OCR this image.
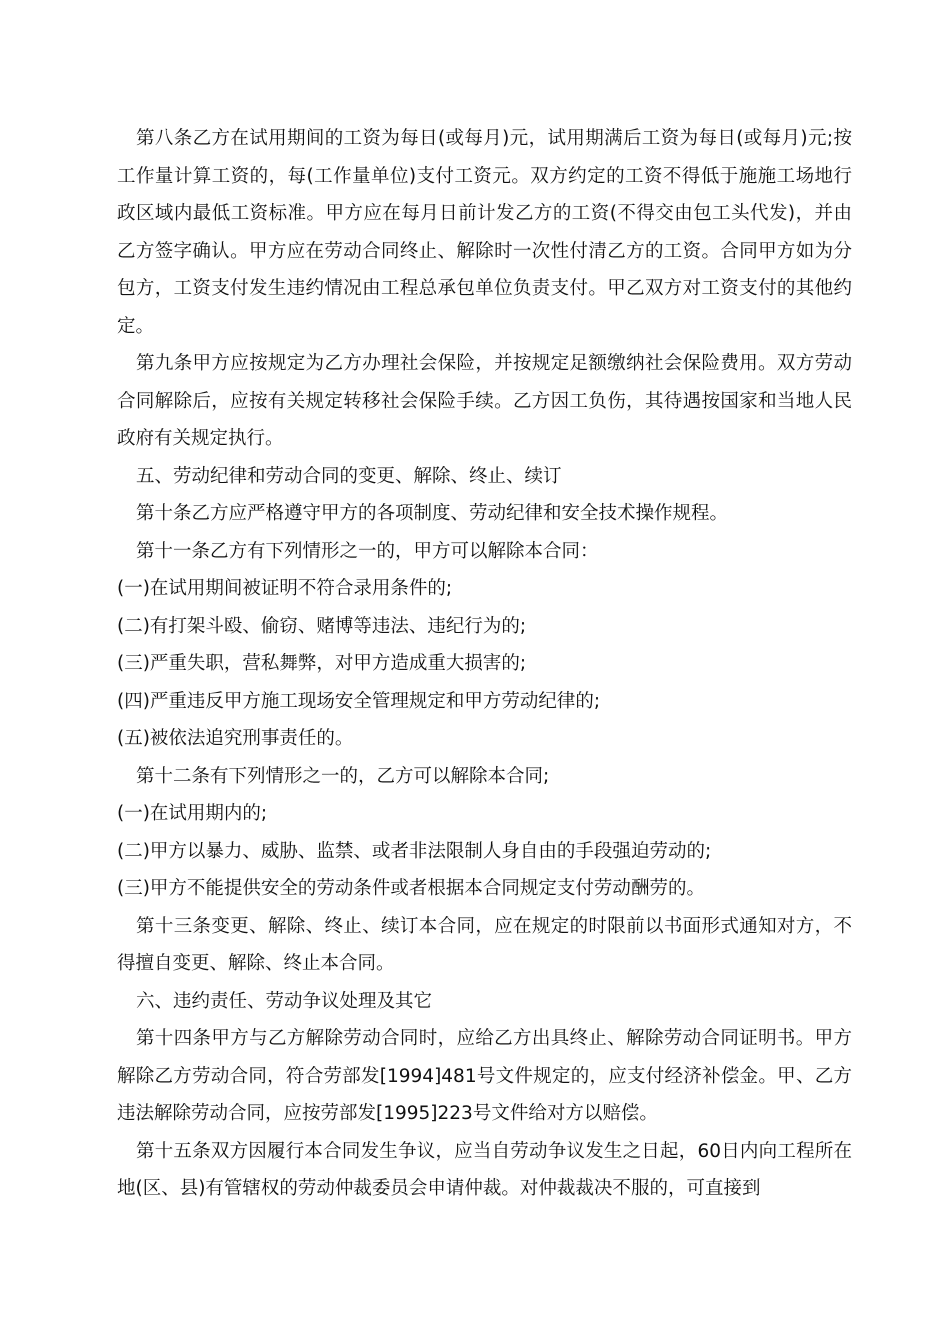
第八条乙方在试用期间的工资为每日(或每月)元，试用期满后工资为每日(或每月)元;按工作量计算工资的，每(工作量单位)支付工资元。双方约定的工资不得低于施施工场地行政区域内最低工资标准。甲方应在每月日前计发乙方的工资(不得交由包工头代发)，并由乙方签字确认。甲方应在劳动合同终止、解除时一次性付清乙方的工资。合同甲方如为分包方，工资支付发生违约情况由工程总承包单位负责支付。甲乙双方对工资支付的其他约定。

第九条甲方应按规定为乙方办理社会保险，并按规定足额缴纳社会保险费用。双方劳动合同解除后，应按有关规定转移社会保险手续。乙方因工负伤，其待遇按国家和当地人民政府有关规定执行。

五、劳动纪律和劳动合同的变更、解除、终止、续订

第十条乙方应严格遵守甲方的各项制度、劳动纪律和安全技术操作规程。

第十一条乙方有下列情形之一的，甲方可以解除本合同：

(一)在试用期间被证明不符合录用条件的;

(二)有打架斗殴、偷窃、赌博等违法、违纪行为的;

(三)严重失职，营私舞弊，对甲方造成重大损害的;

(四)严重违反甲方施工现场安全管理规定和甲方劳动纪律的;

(五)被依法追究刑事责任的。

第十二条有下列情形之一的，乙方可以解除本合同;

(一)在试用期内的;

(二)甲方以暴力、威胁、监禁、或者非法限制人身自由的手段强迫劳动的;

(三)甲方不能提供安全的劳动条件或者根据本合同规定支付劳动酬劳的。

第十三条变更、解除、终止、续订本合同，应在规定的时限前以书面形式通知对方，不得擅自变更、解除、终止本合同。

六、违约责任、劳动争议处理及其它

第十四条甲方与乙方解除劳动合同时，应给乙方出具终止、解除劳动合同证明书。甲方解除乙方劳动合同，符合劳部发[1994]481号文件规定的，应支付经济补偿金。甲、乙方违法解除劳动合同，应按劳部发[1995]223号文件给对方以赔偿。

第十五条双方因履行本合同发生争议，应当自劳动争议发生之日起，60日内向工程所在地(区、县)有管辖权的劳动仲裁委员会申请仲裁。对仲裁裁决不服的，可直接到
